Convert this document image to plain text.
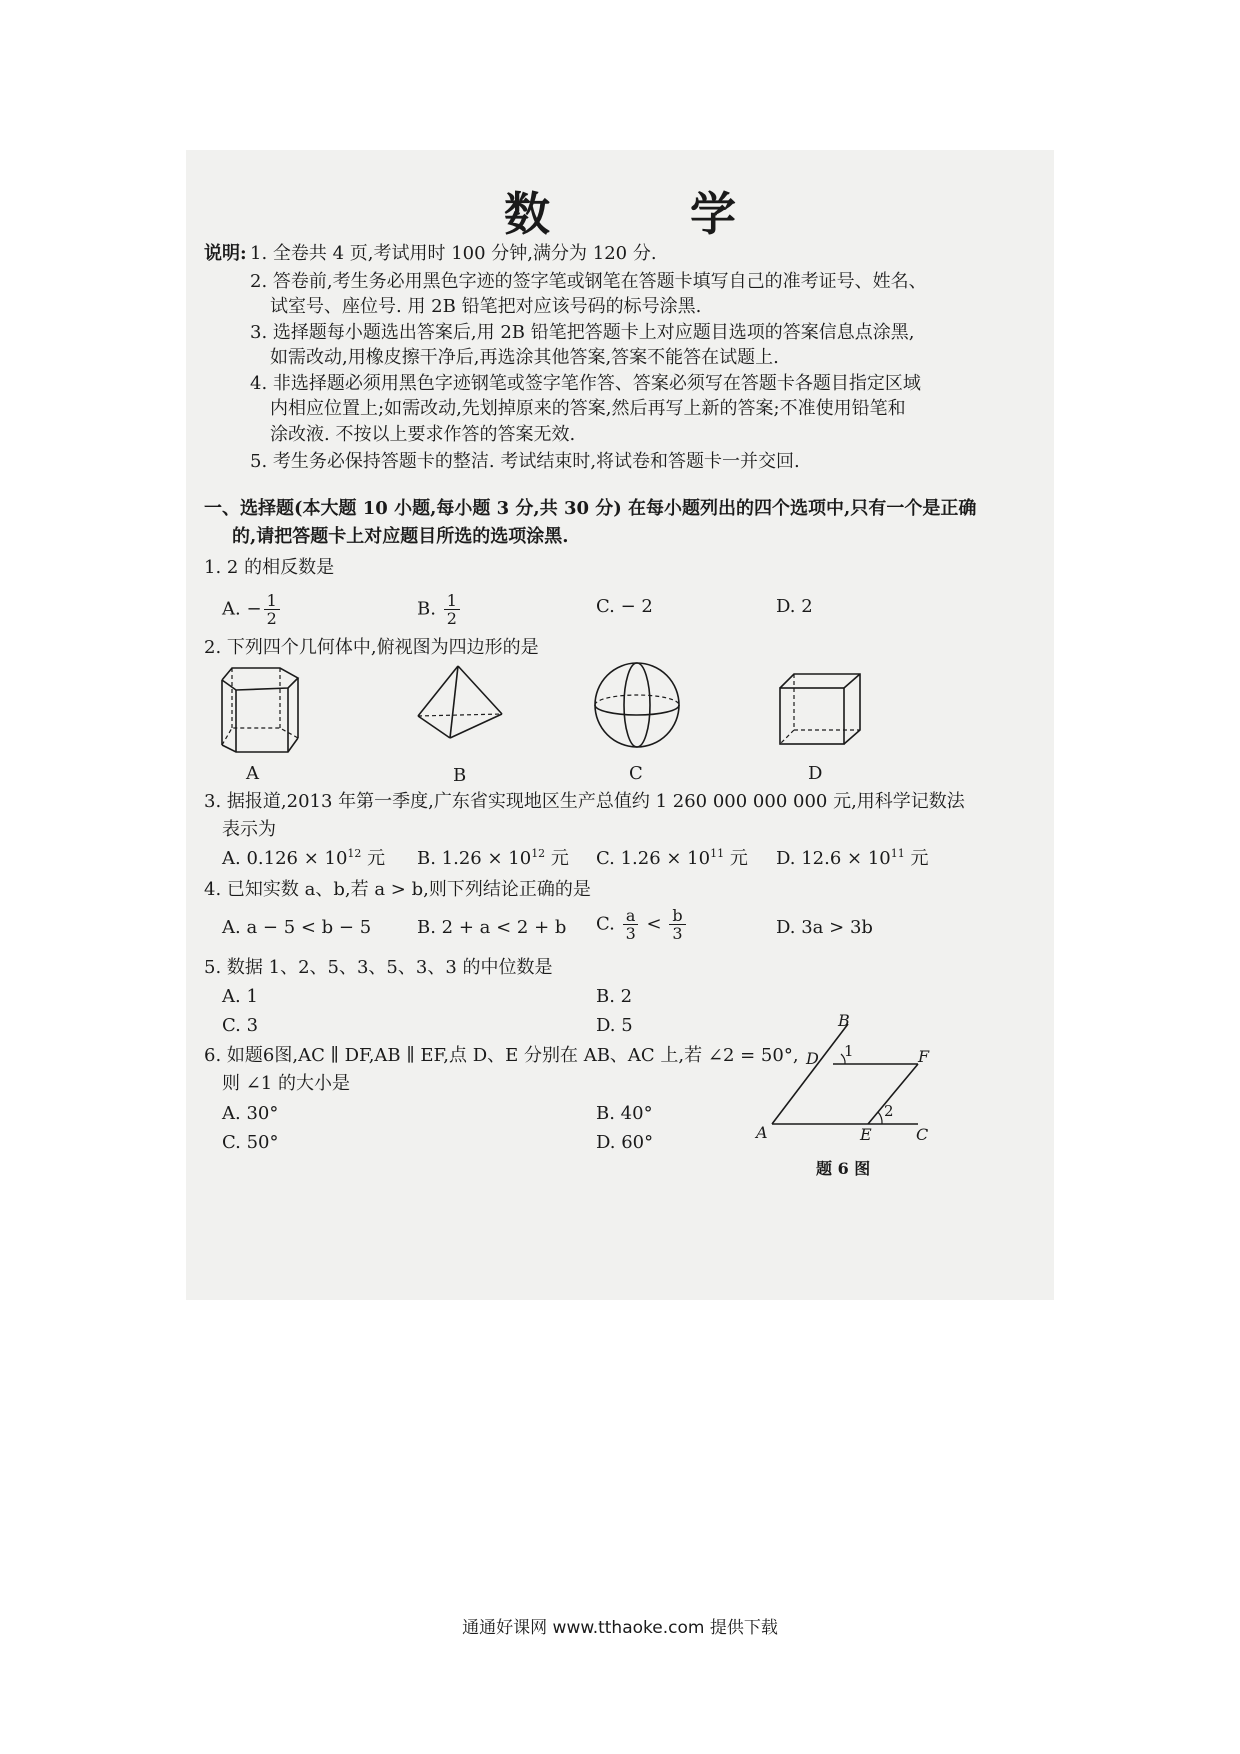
数 学
说明: 1. 全卷共 4 页,考试用时 100 分钟,满分为 120 分.
2. 答卷前,考生务必用黑色字迹的签字笔或钢笔在答题卡填写自己的准考证号、姓名、
试室号、座位号. 用 2B 铅笔把对应该号码的标号涂黑.
3. 选择题每小题选出答案后,用 2B 铅笔把答题卡上对应题目选项的答案信息点涂黑,
如需改动,用橡皮擦干净后,再选涂其他答案,答案不能答在试题上.
4. 非选择题必须用黑色字迹钢笔或签字笔作答、答案必须写在答题卡各题目指定区域
内相应位置上;如需改动,先划掉原来的答案,然后再写上新的答案;不准使用铅笔和
涂改液. 不按以上要求作答的答案无效.
5. 考生务必保持答题卡的整洁. 考试结束时,将试卷和答题卡一并交回.
一、选择题(本大题 10 小题,每小题 3 分,共 30 分) 在每小题列出的四个选项中,只有一个是正确
的,请把答题卡上对应题目所选的选项涂黑.
1. 2 的相反数是
A. − $\frac{1}{2}$	B. $\frac{1}{2}$	C. − 2	D. 2
2. 下列四个几何体中,俯视图为四边形的是
A	B	C	D
3. 据报道,2013 年第一季度,广东省实现地区生产总值约 1 260 000 000 000 元,用科学记数法
表示为
A. $0.126 \times 10^{12}$ 元 B. $1.26 \times 10^{12}$ 元 C. $1.26 \times 10^{11}$ 元 D. $12.6 \times 10^{11}$ 元
4. 已知实数 a、b,若 a > b,则下列结论正确的是
A. a − 5 < b − 5	B. 2 + a < 2 + b C. $\frac{a}{3} < \frac{b}{3}$	D. 3a > 3b
5. 数据 1、2、5、3、5、3、3 的中位数是
A. 1	B. 2
C. 3	D. 5
6. 如题6图,AC ∥ DF,AB ∥ EF,点 D、E 分别在 AB、AC 上,若 ∠2 = 50°,
则 ∠1 的大小是
A. 30°	B. 40°
C. 50°	D. 60°
B
D	F
A	E	C
1
2
题 6 图
通通好课网 www.tthaoke.com 提供下载
